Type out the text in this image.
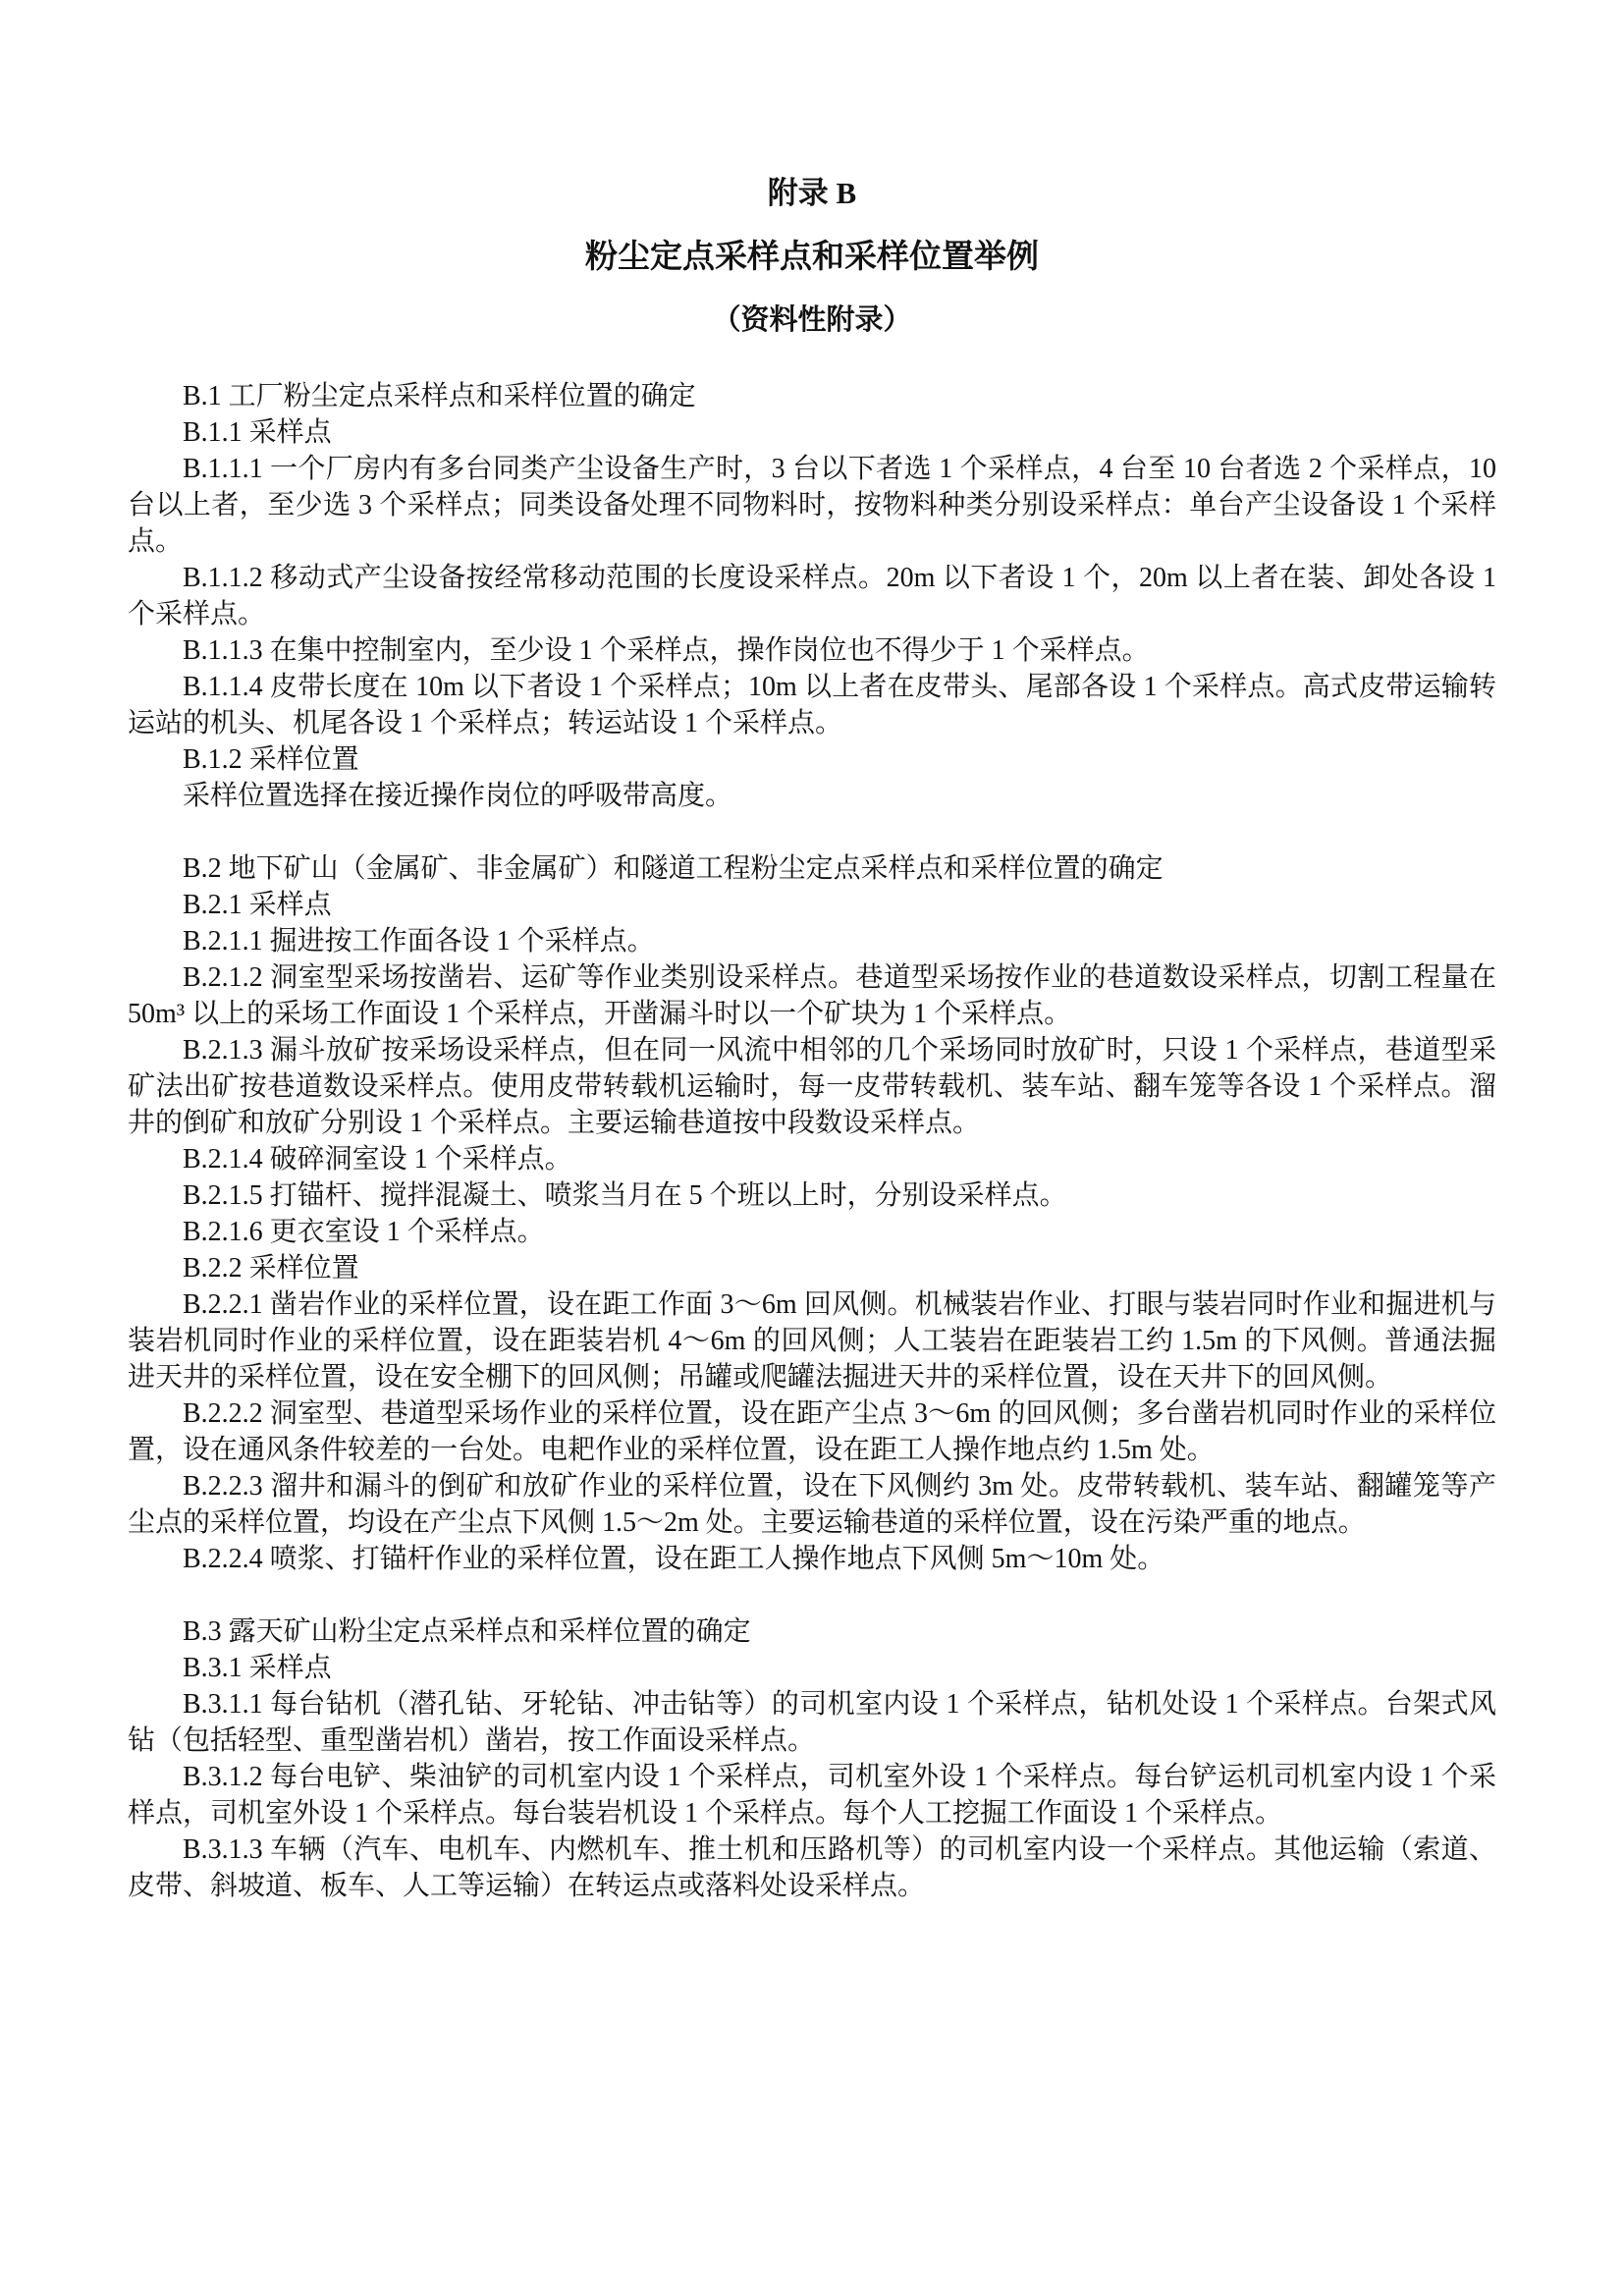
附录 B
粉尘定点采样点和采样位置举例
（资料性附录）

B.1 工厂粉尘定点采样点和采样位置的确定

B.1.1 采样点

B.1.1.1 一个厂房内有多台同类产尘设备生产时，3 台以下者选 1 个采样点，4 台至 10 台者选 2 个采样点，10 台以上者，至少选 3 个采样点；同类设备处理不同物料时，按物料种类分别设采样点：单台产尘设备设 1 个采样点。

B.1.1.2 移动式产尘设备按经常移动范围的长度设采样点。20m 以下者设 1 个，20m 以上者在装、卸处各设 1 个采样点。

B.1.1.3 在集中控制室内，至少设 1 个采样点，操作岗位也不得少于 1 个采样点。

B.1.1.4 皮带长度在 10m 以下者设 1 个采样点；10m 以上者在皮带头、尾部各设 1 个采样点。高式皮带运输转运站的机头、机尾各设 1 个采样点；转运站设 1 个采样点。

B.1.2 采样位置

采样位置选择在接近操作岗位的呼吸带高度。

B.2 地下矿山（金属矿、非金属矿）和隧道工程粉尘定点采样点和采样位置的确定

B.2.1 采样点

B.2.1.1 掘进按工作面各设 1 个采样点。

B.2.1.2 洞室型采场按凿岩、运矿等作业类别设采样点。巷道型采场按作业的巷道数设采样点，切割工程量在 50m³ 以上的采场工作面设 1 个采样点，开凿漏斗时以一个矿块为 1 个采样点。

B.2.1.3 漏斗放矿按采场设采样点，但在同一风流中相邻的几个采场同时放矿时，只设 1 个采样点，巷道型采矿法出矿按巷道数设采样点。使用皮带转载机运输时，每一皮带转载机、装车站、翻车笼等各设 1 个采样点。溜井的倒矿和放矿分别设 1 个采样点。主要运输巷道按中段数设采样点。

B.2.1.4 破碎洞室设 1 个采样点。

B.2.1.5 打锚杆、搅拌混凝土、喷浆当月在 5 个班以上时，分别设采样点。

B.2.1.6 更衣室设 1 个采样点。

B.2.2 采样位置

B.2.2.1 凿岩作业的采样位置，设在距工作面 3～6m 回风侧。机械装岩作业、打眼与装岩同时作业和掘进机与装岩机同时作业的采样位置，设在距装岩机 4～6m 的回风侧；人工装岩在距装岩工约 1.5m 的下风侧。普通法掘进天井的采样位置，设在安全棚下的回风侧；吊罐或爬罐法掘进天井的采样位置，设在天井下的回风侧。

B.2.2.2 洞室型、巷道型采场作业的采样位置，设在距产尘点 3～6m 的回风侧；多台凿岩机同时作业的采样位置，设在通风条件较差的一台处。电耙作业的采样位置，设在距工人操作地点约 1.5m 处。

B.2.2.3 溜井和漏斗的倒矿和放矿作业的采样位置，设在下风侧约 3m 处。皮带转载机、装车站、翻罐笼等产尘点的采样位置，均设在产尘点下风侧 1.5～2m 处。主要运输巷道的采样位置，设在污染严重的地点。

B.2.2.4 喷浆、打锚杆作业的采样位置，设在距工人操作地点下风侧 5m～10m 处。

B.3 露天矿山粉尘定点采样点和采样位置的确定

B.3.1 采样点

B.3.1.1 每台钻机（潜孔钻、牙轮钻、冲击钻等）的司机室内设 1 个采样点，钻机处设 1 个采样点。台架式风钻（包括轻型、重型凿岩机）凿岩，按工作面设采样点。

B.3.1.2 每台电铲、柴油铲的司机室内设 1 个采样点，司机室外设 1 个采样点。每台铲运机司机室内设 1 个采样点，司机室外设 1 个采样点。每台装岩机设 1 个采样点。每个人工挖掘工作面设 1 个采样点。

B.3.1.3 车辆（汽车、电机车、内燃机车、推土机和压路机等）的司机室内设一个采样点。其他运输（索道、皮带、斜坡道、板车、人工等运输）在转运点或落料处设采样点。
